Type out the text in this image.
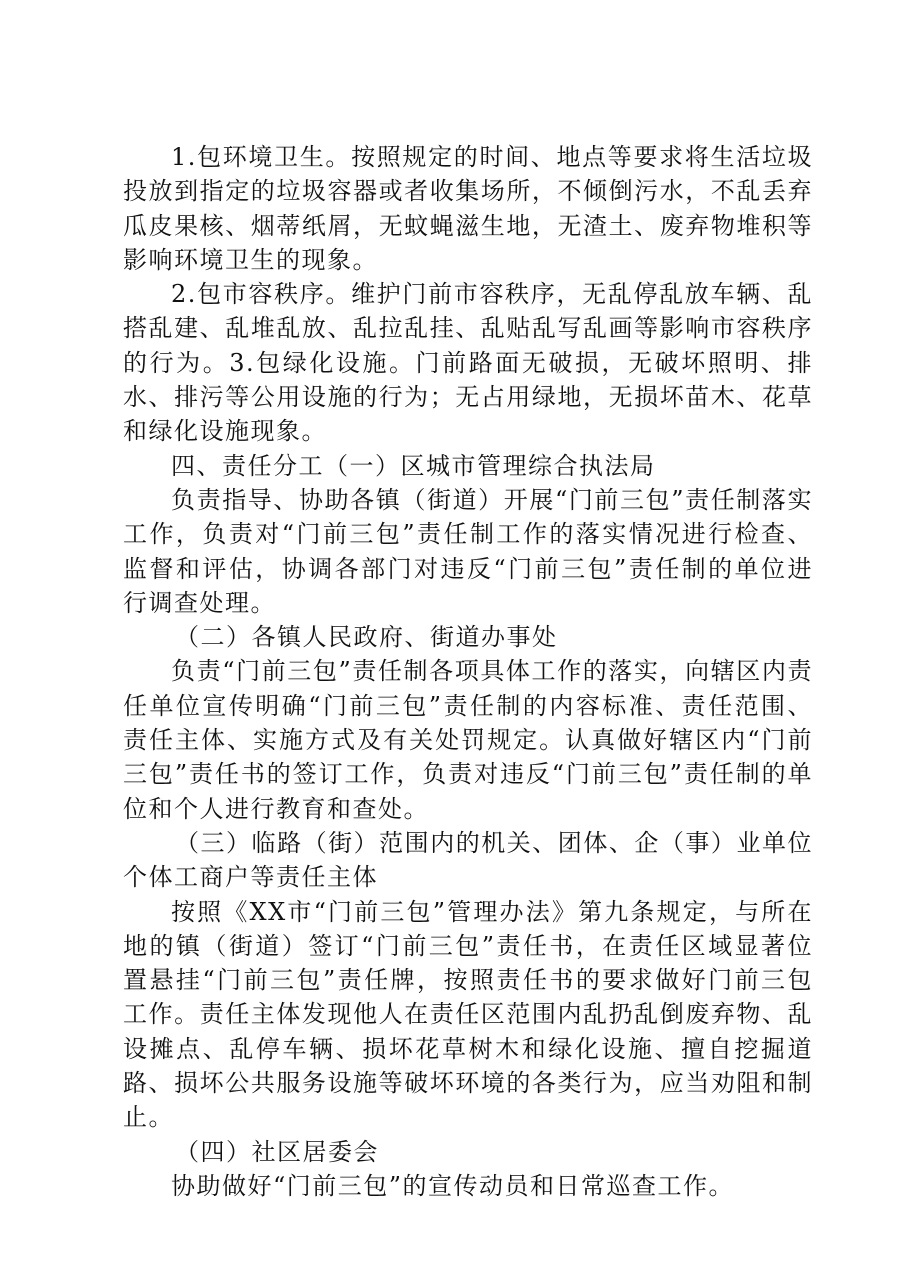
1.包环境卫生。按照规定的时间、地点等要求将生活垃圾投放到指定的垃圾容器或者收集场所，不倾倒污水，不乱丢弃瓜皮果核、烟蒂纸屑，无蚊蝇滋生地，无渣土、废弃物堆积等影响环境卫生的现象。

2.包市容秩序。维护门前市容秩序，无乱停乱放车辆、乱搭乱建、乱堆乱放、乱拉乱挂、乱贴乱写乱画等影响市容秩序的行为。3.包绿化设施。门前路面无破损，无破坏照明、排水、排污等公用设施的行为；无占用绿地，无损坏苗木、花草和绿化设施现象。

四、责任分工（一）区城市管理综合执法局

负责指导、协助各镇（街道）开展“门前三包”责任制落实工作，负责对“门前三包”责任制工作的落实情况进行检查、监督和评估，协调各部门对违反“门前三包”责任制的单位进行调查处理。

（二）各镇人民政府、街道办事处

负责“门前三包”责任制各项具体工作的落实，向辖区内责任单位宣传明确“门前三包”责任制的内容标准、责任范围、责任主体、实施方式及有关处罚规定。认真做好辖区内“门前三包”责任书的签订工作，负责对违反“门前三包”责任制的单位和个人进行教育和查处。

（三）临路（街）范围内的机关、团体、企（事）业单位个体工商户等责任主体

按照《XX市“门前三包”管理办法》第九条规定，与所在地的镇（街道）签订“门前三包”责任书，在责任区域显著位置悬挂“门前三包”责任牌，按照责任书的要求做好门前三包工作。责任主体发现他人在责任区范围内乱扔乱倒废弃物、乱设摊点、乱停车辆、损坏花草树木和绿化设施、擅自挖掘道路、损坏公共服务设施等破坏环境的各类行为，应当劝阻和制止。

（四）社区居委会

协助做好“门前三包”的宣传动员和日常巡查工作。
